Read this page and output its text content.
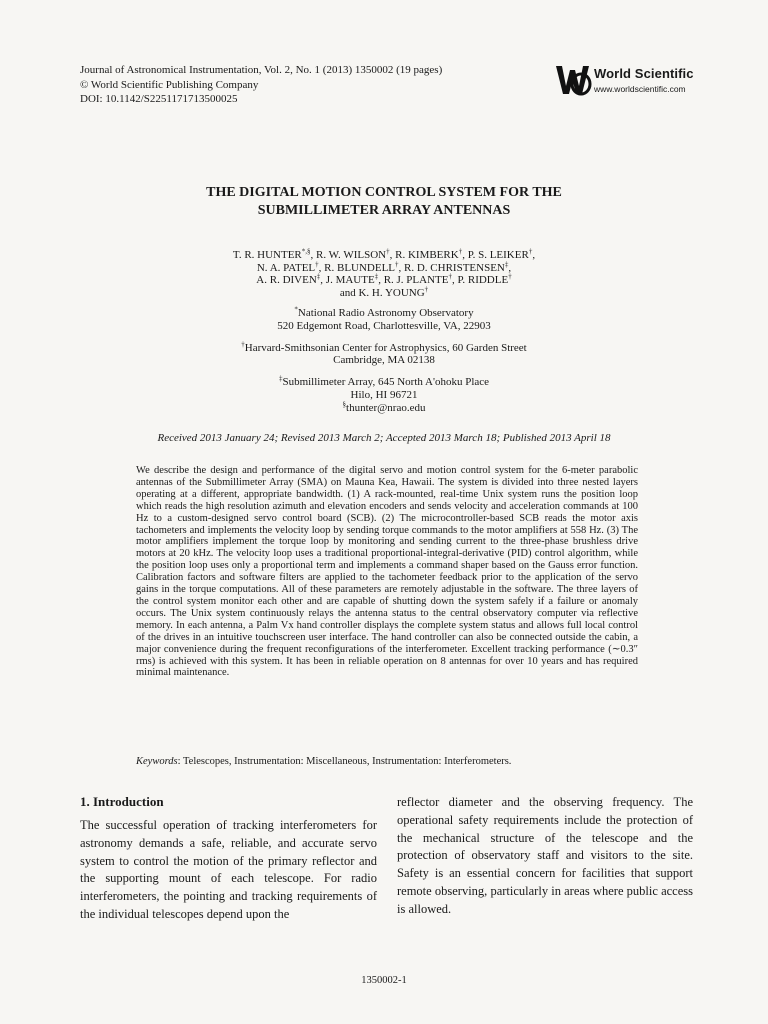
Journal of Astronomical Instrumentation, Vol. 2, No. 1 (2013) 1350002 (19 pages)
© World Scientific Publishing Company
DOI: 10.1142/S2251171713500025
World Scientific
www.worldscientific.com
THE DIGITAL MOTION CONTROL SYSTEM FOR THE
SUBMILLIMETER ARRAY ANTENNAS
T. R. HUNTER*,§, R. W. WILSON†, R. KIMBERK†, P. S. LEIKER†,
N. A. PATEL†, R. BLUNDELL†, R. D. CHRISTENSEN‡,
A. R. DIVEN‡, J. MAUTE‡, R. J. PLANTE†, P. RIDDLE†
and K. H. YOUNG†
*National Radio Astronomy Observatory
520 Edgemont Road, Charlottesville, VA, 22903
†Harvard-Smithsonian Center for Astrophysics, 60 Garden Street
Cambridge, MA 02138
‡Submillimeter Array, 645 North A'ohoku Place
Hilo, HI 96721
§thunter@nrao.edu
Received 2013 January 24; Revised 2013 March 2; Accepted 2013 March 18; Published 2013 April 18
We describe the design and performance of the digital servo and motion control system for the 6-meter parabolic antennas of the Submillimeter Array (SMA) on Mauna Kea, Hawaii. The system is divided into three nested layers operating at a different, appropriate bandwidth. (1) A rack-mounted, real-time Unix system runs the position loop which reads the high resolution azimuth and elevation encoders and sends velocity and acceleration commands at 100 Hz to a custom-designed servo control board (SCB). (2) The microcontroller-based SCB reads the motor axis tachometers and implements the velocity loop by sending torque commands to the motor amplifiers at 558 Hz. (3) The motor amplifiers implement the torque loop by monitoring and sending current to the three-phase brushless drive motors at 20 kHz. The velocity loop uses a traditional proportional-integral-derivative (PID) control algorithm, while the position loop uses only a proportional term and implements a command shaper based on the Gauss error function. Calibration factors and software filters are applied to the tachometer feedback prior to the application of the servo gains in the torque computations. All of these parameters are remotely adjustable in the software. The three layers of the control system monitor each other and are capable of shutting down the system safely if a failure or anomaly occurs. The Unix system continuously relays the antenna status to the central observatory computer via reflective memory. In each antenna, a Palm Vx hand controller displays the complete system status and allows full local control of the drives in an intuitive touchscreen user interface. The hand controller can also be connected outside the cabin, a major convenience during the frequent reconfigurations of the interferometer. Excellent tracking performance (∼0.3″ rms) is achieved with this system. It has been in reliable operation on 8 antennas for over 10 years and has required minimal maintenance.
Keywords: Telescopes, Instrumentation: Miscellaneous, Instrumentation: Interferometers.
1. Introduction
The successful operation of tracking interferometers for astronomy demands a safe, reliable, and accurate servo system to control the motion of the primary reflector and the supporting mount of each telescope. For radio interferometers, the pointing and tracking requirements of the individual telescopes depend upon the
reflector diameter and the observing frequency. The operational safety requirements include the protection of the mechanical structure of the telescope and the protection of observatory staff and visitors to the site. Safety is an essential concern for facilities that support remote observing, particularly in areas where public access is allowed.
1350002-1
